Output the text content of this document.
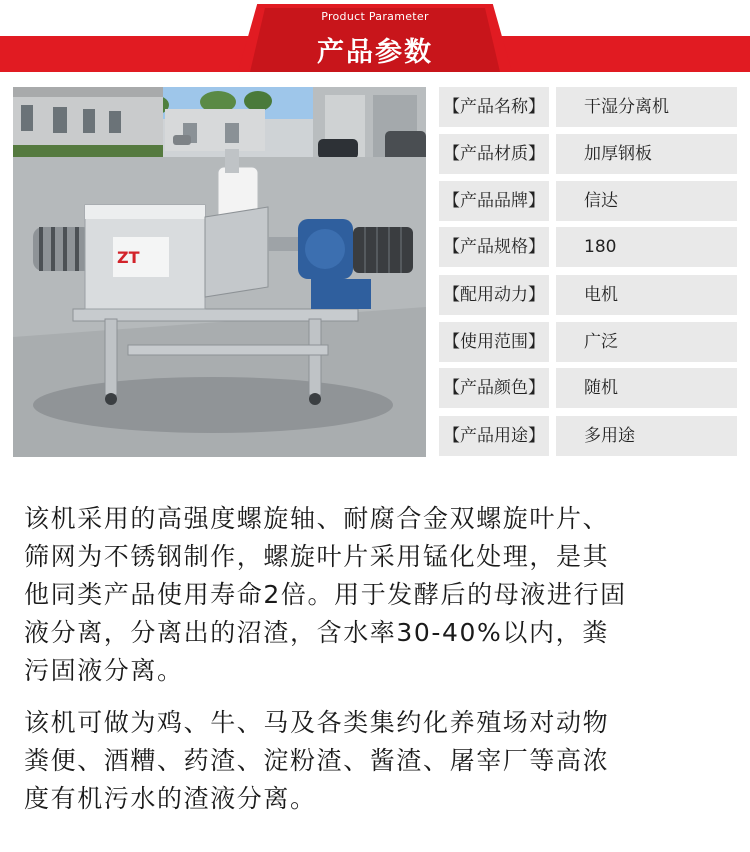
Product Parameter
产品参数
ZT
【产品名称】	干湿分离机
【产品材质】	加厚钢板
【产品品牌】	信达
【产品规格】	180
【配用动力】	电机
【使用范围】	广泛
【产品颜色】	随机
【产品用途】	多用途
该机采用的高强度螺旋轴、耐腐合金双螺旋叶片、
筛网为不锈钢制作，螺旋叶片采用锰化处理，是其
他同类产品使用寿命2倍。用于发酵后的母液进行固
液分离，分离出的沼渣，含水率30-40%以内，粪
污固液分离。
该机可做为鸡、牛、马及各类集约化养殖场对动物
粪便、酒糟、药渣、淀粉渣、酱渣、屠宰厂等高浓
度有机污水的渣液分离。
